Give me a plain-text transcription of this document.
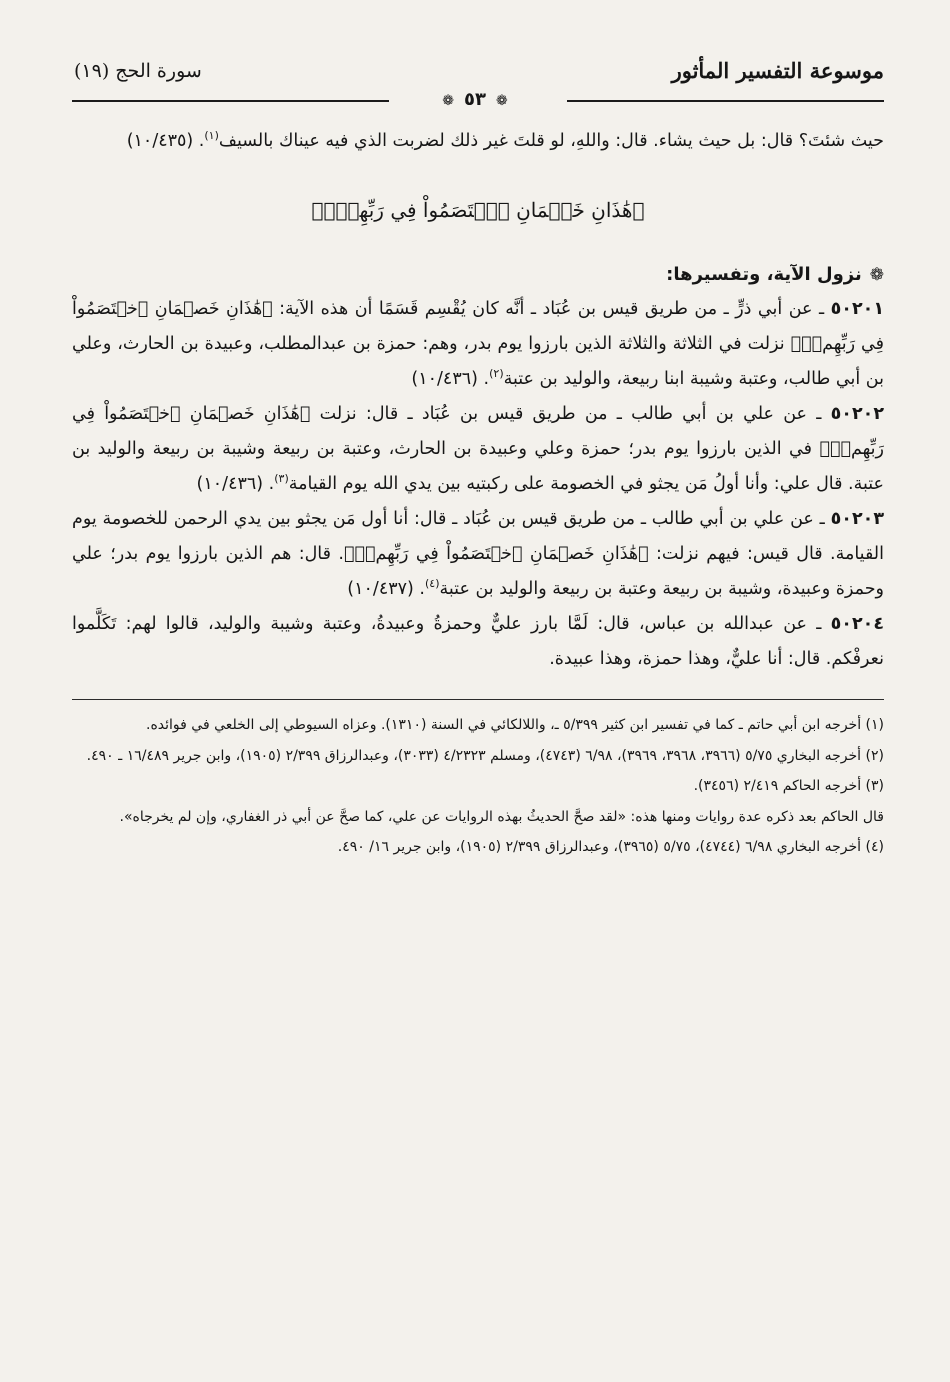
موسوعة التفسير المأثور
سورة الحج (١٩)
❁٥٣❁

حيث شئتَ؟ قال: بل حيث يشاء. قال: واللهِ، لو قلتَ غير ذلك لضربت الذي فيه عيناك بالسيف$^{(١)}$. (١٠/٤٣٥)

﴿هَٰذَانِ خَصۡمَانِ ٱخۡتَصَمُواْ فِي رَبِّهِمۡۖ﴾
❁نزول الآية، وتفسيرها:

٥٠٢٠١ ـ عن أبي ذرٍّ ـ من طريق قيس بن عُبَاد ـ أنَّه كان يُقْسِم قَسَمًا أن هذه الآية: ﴿هَٰذَانِ خَصۡمَانِ ٱخۡتَصَمُواْ فِي رَبِّهِمۡۖ﴾ نزلت في الثلاثة والثلاثة الذين بارزوا يوم بدر، وهم: حمزة بن عبدالمطلب، وعبيدة بن الحارث، وعلي بن أبي طالب، وعتبة وشيبة ابنا ربيعة، والوليد بن عتبة$^{(٢)}$. (١٠/٤٣٦)

٥٠٢٠٢ ـ عن علي بن أبي طالب ـ من طريق قيس بن عُبَاد ـ قال: نزلت ﴿هَٰذَانِ خَصۡمَانِ ٱخۡتَصَمُواْ فِي رَبِّهِمۡۖ﴾ في الذين بارزوا يوم بدر؛ حمزة وعلي وعبيدة بن الحارث، وعتبة بن ربيعة وشيبة بن ربيعة والوليد بن عتبة. قال علي: وأنا أولُ مَن يجثو في الخصومة على ركبتيه بين يدي الله يوم القيامة$^{(٣)}$. (١٠/٤٣٦)

٥٠٢٠٣ ـ عن علي بن أبي طالب ـ من طريق قيس بن عُبَاد ـ قال: أنا أول مَن يجثو بين يدي الرحمن للخصومة يوم القيامة. قال قيس: فيهم نزلت: ﴿هَٰذَانِ خَصۡمَانِ ٱخۡتَصَمُواْ فِي رَبِّهِمۡۖ﴾. قال: هم الذين بارزوا يوم بدر؛ علي وحمزة وعبيدة، وشيبة بن ربيعة وعتبة بن ربيعة والوليد بن عتبة$^{(٤)}$. (١٠/٤٣٧)

٥٠٢٠٤ ـ عن عبدالله بن عباس، قال: لَمَّا بارز عليٌّ وحمزةُ وعبيدةُ، وعتبة وشيبة والوليد، قالوا لهم: تَكَلَّموا نعرفْكم. قال: أنا عليٌّ، وهذا حمزة، وهذا عبيدة.

(١) أخرجه ابن أبي حاتم ـ كما في تفسير ابن كثير ٥/٣٩٩ ـ، واللالكائي في السنة (١٣١٠). وعزاه السيوطي إلى الخلعي في فوائده.

(٢) أخرجه البخاري ٥/٧٥ (٣٩٦٦، ٣٩٦٨، ٣٩٦٩)، ٦/٩٨ (٤٧٤٣)، ومسلم ٤/٢٣٢٣ (٣٠٣٣)، وعبدالرزاق ٢/٣٩٩ (١٩٠٥)، وابن جرير ١٦/٤٨٩ ـ ٤٩٠.

(٣) أخرجه الحاكم ٢/٤١٩ (٣٤٥٦).

قال الحاكم بعد ذكره عدة روايات ومنها هذه: «لقد صحَّ الحديثُ بهذه الروايات عن علي، كما صحَّ عن أبي ذر الغفاري، وإن لم يخرجاه».

(٤) أخرجه البخاري ٦/٩٨ (٤٧٤٤)، ٥/٧٥ (٣٩٦٥)، وعبدالرزاق ٢/٣٩٩ (١٩٠٥)، وابن جرير ١٦/ ٤٩٠.
